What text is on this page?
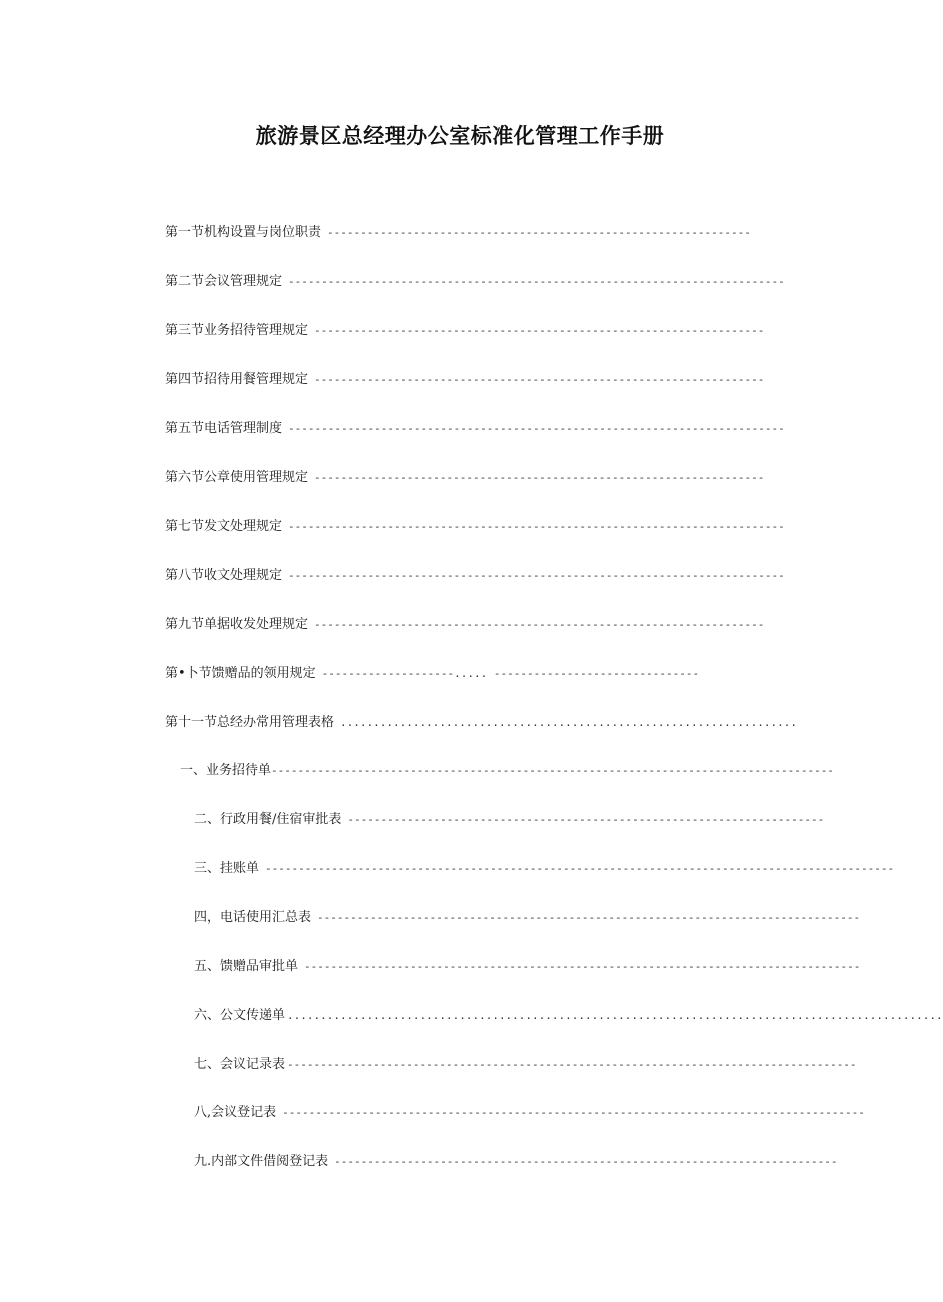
旅游景区总经理办公室标准化管理工作手册
第一节机构设置与岗位职责 ----------------------------------------------------------------
第二节会议管理规定 ---------------------------------------------------------------------------
第三节业务招待管理规定 --------------------------------------------------------------------
第四节招待用餐管理规定 --------------------------------------------------------------------
第五节电话管理制度 ---------------------------------------------------------------------------
第六节公章使用管理规定 --------------------------------------------------------------------
第七节发文处理规定 ---------------------------------------------------------------------------
第八节收文处理规定 ---------------------------------------------------------------------------
第九节单据收发处理规定 --------------------------------------------------------------------
第•卜节馈赠品的领用规定 --------------------..... -------------------------------
第十一节总经办常用管理表格 .....................................................................
一、业务招待单 -------------------------------------------------------------------------------------
二、行政用餐/住宿审批表 ------------------------------------------------------------------------
三、挂账单 -----------------------------------------------------------------------------------------------
四，电话使用汇总表 ----------------------------------------------------------------------------------
五、馈赠品审批单 ------------------------------------------------------------------------------------
六、公文传递单 ...................................................................................................
七、会议记录表 --------------------------------------------------------------------------------------
八,会议登记表 ----------------------------------------------------------------------------------------
九.内部文件借阅登记表 ----------------------------------------------------------------------------
